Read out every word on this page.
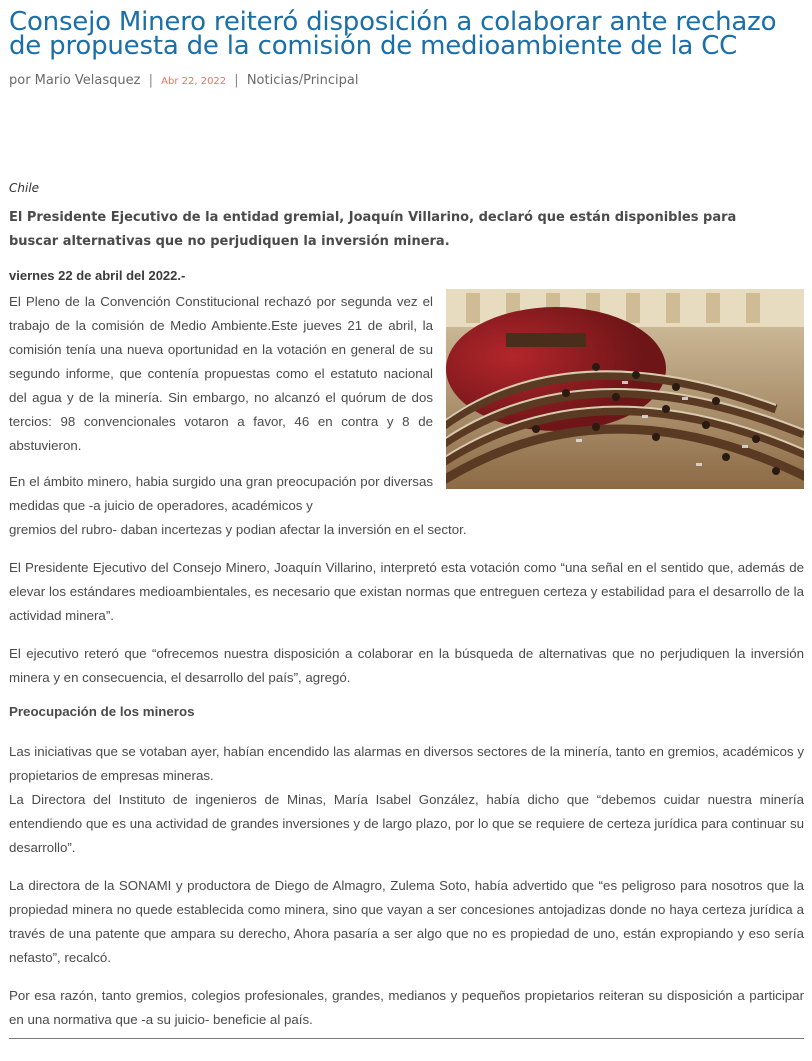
Consejo Minero reiteró disposición a colaborar ante rechazo de propuesta de la comisión de medioambiente de la CC
por Mario Velasquez | Abr 22, 2022 | Noticias/Principal
Chile
El Presidente Ejecutivo de la entidad gremial, Joaquín Villarino, declaró que están disponibles para buscar alternativas que no perjudiquen la inversión minera.
viernes 22 de abril del 2022.-

El Pleno de la Convención Constitucional rechazó por segunda vez el trabajo de la comisión de Medio Ambiente.Este jueves 21 de abril, la comisión tenía una nueva oportunidad en la votación en general de su segundo informe, que contenía propuestas como el estatuto nacional del agua y de la minería. Sin embargo, no alcanzó el quórum de dos tercios: 98 convencionales votaron a favor, 46 en contra y 8 de abstuvieron.

En el ámbito minero, habia surgido una gran preocupación por diversas medidas que -a juicio de operadores, académicos y

gremios del rubro- daban incertezas y podian afectar la inversión en el sector.

El Presidente Ejecutivo del Consejo Minero, Joaquín Villarino, interpretó esta votación como “una señal en el sentido que, además de elevar los estándares medioambientales, es necesario que existan normas que entreguen certeza y estabilidad para el desarrollo de la actividad minera”.

El ejecutivo reteró que “ofrecemos nuestra disposición a colaborar en la búsqueda de alternativas que no perjudiquen la inversión minera y en consecuencia, el desarrollo del país”, agregó.

Preocupación de los mineros

Las iniciativas que se votaban ayer, habían encendido las alarmas en diversos sectores de la minería, tanto en gremios, académicos y propietarios de empresas mineras.

La Directora del Instituto de ingenieros de Minas, María Isabel González, había dicho que “debemos cuidar nuestra minería entendiendo que es una actividad de grandes inversiones y de largo plazo, por lo que se requiere de certeza jurídica para continuar su desarrollo”.

La directora de la SONAMI y productora de Diego de Almagro, Zulema Soto, había advertido que “es peligroso para nosotros que la propiedad minera no quede establecida como minera, sino que vayan a ser concesiones antojadizas donde no haya certeza jurídica a través de una patente que ampara su derecho, Ahora pasaría a ser algo que no es propiedad de uno, están expropiando y eso sería nefasto”, recalcó.

Por esa razón, tanto gremios, colegios profesionales, grandes, medianos y pequeños propietarios reiteran su disposición a participar en una normativa que -a su juicio- beneficie al país.
